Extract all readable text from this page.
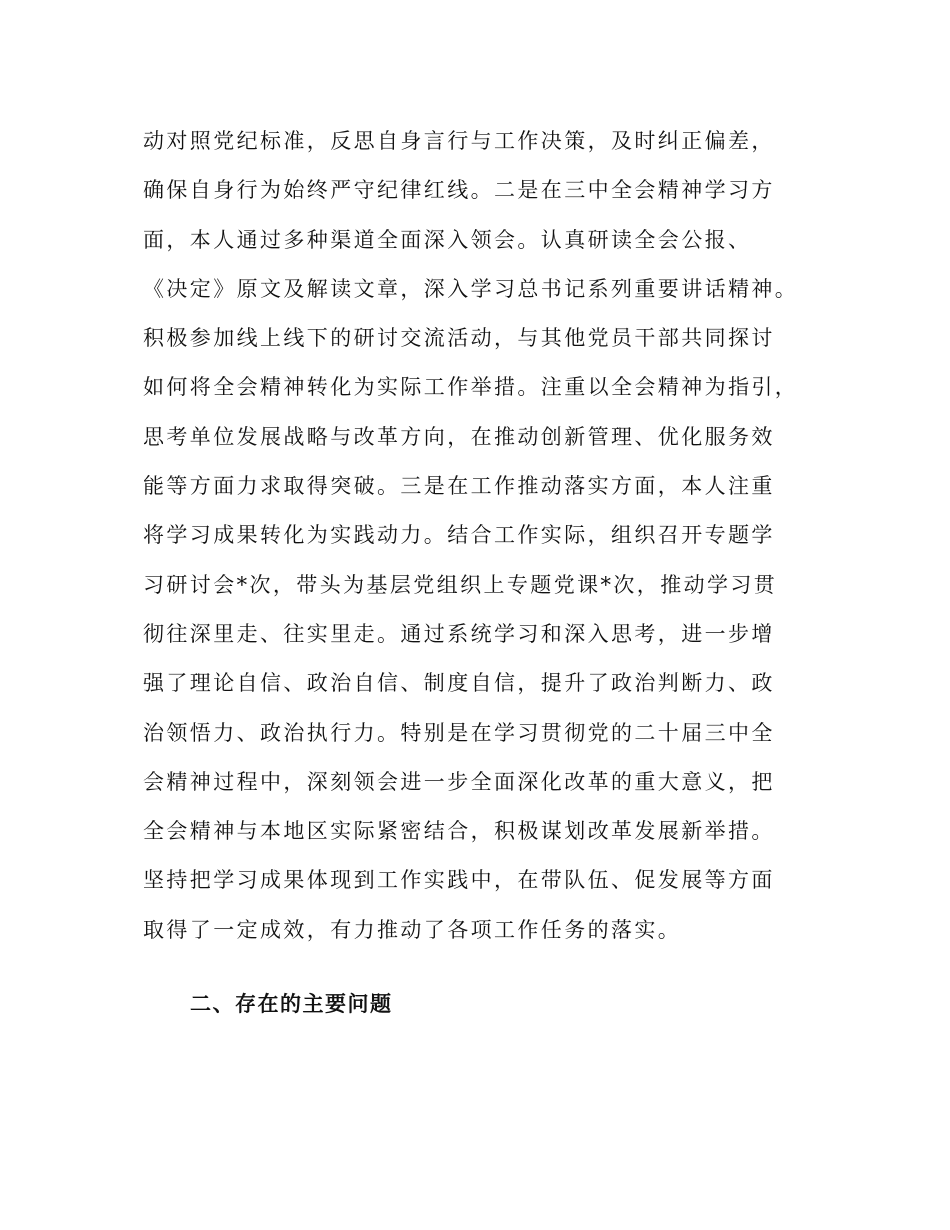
动对照党纪标准，反思自身言行与工作决策，及时纠正偏差，
确保自身行为始终严守纪律红线。二是在三中全会精神学习方
面，本人通过多种渠道全面深入领会。认真研读全会公报、
《决定》原文及解读文章，深入学习总书记系列重要讲话精神。
积极参加线上线下的研讨交流活动，与其他党员干部共同探讨
如何将全会精神转化为实际工作举措。注重以全会精神为指引，
思考单位发展战略与改革方向，在推动创新管理、优化服务效
能等方面力求取得突破。三是在工作推动落实方面，本人注重
将学习成果转化为实践动力。结合工作实际，组织召开专题学
习研讨会*次，带头为基层党组织上专题党课*次，推动学习贯
彻往深里走、往实里走。通过系统学习和深入思考，进一步增
强了理论自信、政治自信、制度自信，提升了政治判断力、政
治领悟力、政治执行力。特别是在学习贯彻党的二十届三中全
会精神过程中，深刻领会进一步全面深化改革的重大意义，把
全会精神与本地区实际紧密结合，积极谋划改革发展新举措。
坚持把学习成果体现到工作实践中，在带队伍、促发展等方面
取得了一定成效，有力推动了各项工作任务的落实。
二、存在的主要问题
